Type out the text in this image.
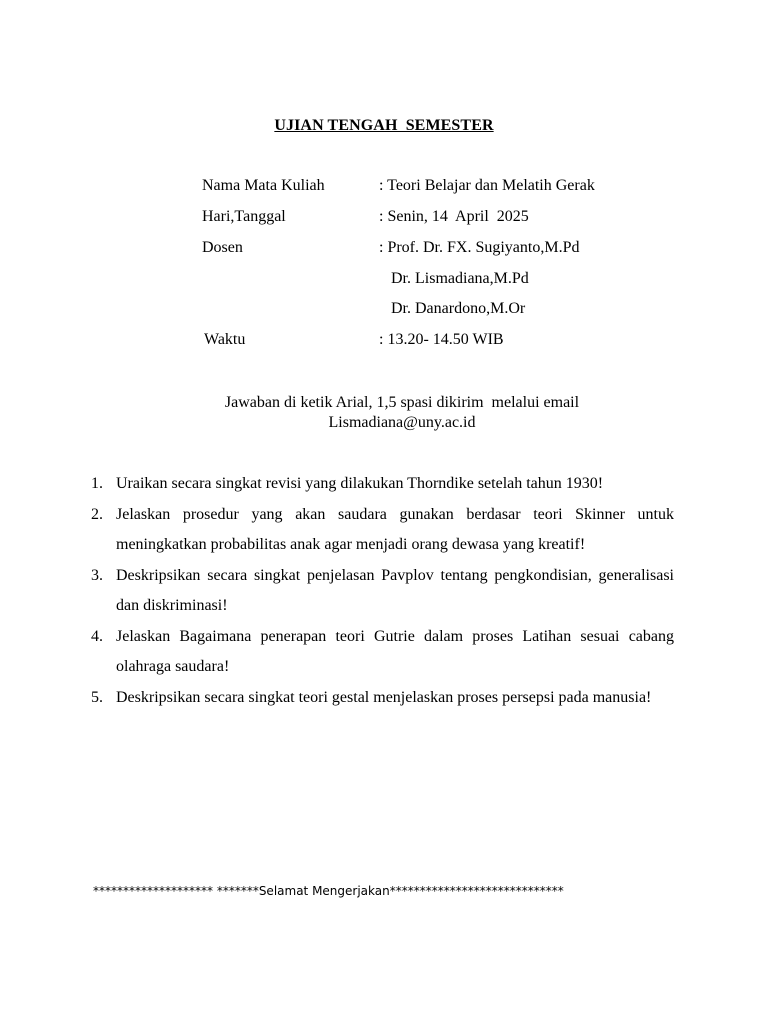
UJIAN TENGAH  SEMESTER
Nama Mata Kuliah	: Teori Belajar dan Melatih Gerak
Hari,Tanggal	: Senin, 14  April  2025
Dosen	: Prof. Dr. FX. Sugiyanto,M.Pd
Dr. Lismadiana,M.Pd
Dr. Danardono,M.Or
Waktu	: 13.20- 14.50 WIB
Jawaban di ketik Arial, 1,5 spasi dikirim  melalui email
Lismadiana@uny.ac.id
1. Uraikan secara singkat revisi yang dilakukan Thorndike setelah tahun 1930!
2. Jelaskan prosedur yang akan saudara gunakan berdasar teori Skinner untuk meningkatkan probabilitas anak agar menjadi orang dewasa yang kreatif!
3. Deskripsikan secara singkat penjelasan Pavplov tentang pengkondisian, generalisasi dan diskriminasi!
4. Jelaskan Bagaimana penerapan teori Gutrie dalam proses Latihan sesuai cabang olahraga saudara!
5. Deskripsikan secara singkat teori gestal menjelaskan proses persepsi pada manusia!
******************** *******Selamat Mengerjakan*****************************
